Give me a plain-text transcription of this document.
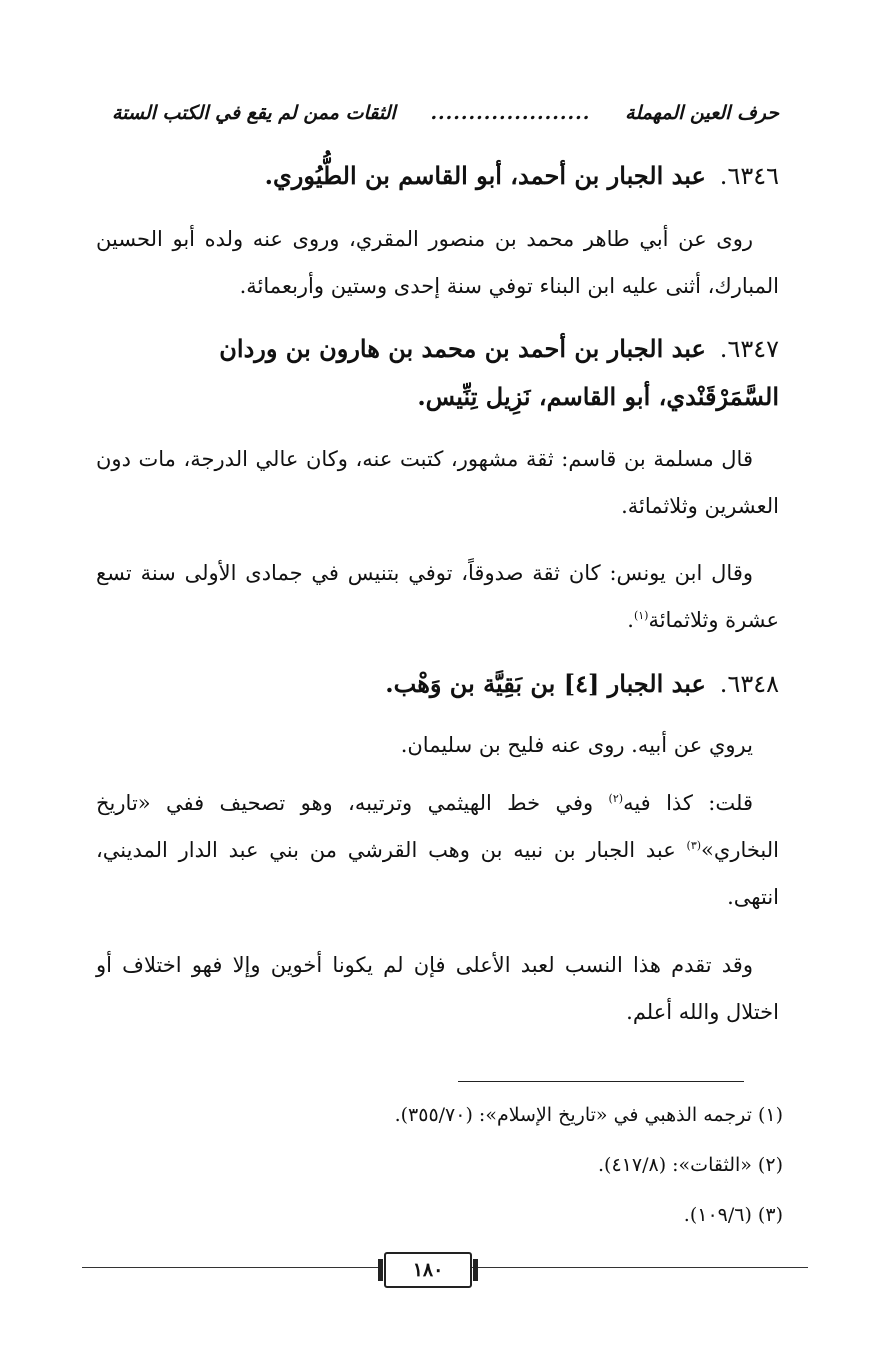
حرف العين المهملة
.....................
الثقات ممن لم يقع في الكتب الستة
٦٣٤٦.عبد الجبار بن أحمد، أبو القاسم بن الطُّيُوري.
روى عن أبي طاهر محمد بن منصور المقري، وروى عنه ولده أبو الحسين المبارك، أثنى عليه ابن البناء توفي سنة إحدى وستين وأربعمائة.
٦٣٤٧.عبد الجبار بن أحمد بن محمد بن هارون بن وردان السَّمَرْقَنْدي، أبو القاسم، نَزِيل تِنِّيس.
قال مسلمة بن قاسم: ثقة مشهور، كتبت عنه، وكان عالي الدرجة، مات دون العشرين وثلاثمائة.
وقال ابن يونس: كان ثقة صدوقاً، توفي بتنيس في جمادى الأولى سنة تسع عشرة وثلاثمائة$^{(١)}$.
٦٣٤٨.عبد الجبار [٤] بن بَقِيَّة بن وَهْب.
يروي عن أبيه. روى عنه فليح بن سليمان.
قلت: كذا فيه$^{(٢)}$ وفي خط الهيثمي وترتيبه، وهو تصحيف ففي «تاريخ البخاري»$^{(٣)}$ عبد الجبار بن نبيه بن وهب القرشي من بني عبد الدار المديني، انتهى.
وقد تقدم هذا النسب لعبد الأعلى فإن لم يكونا أخوين وإلا فهو اختلاف أو اختلال والله أعلم.
(١) ترجمه الذهبي في «تاريخ الإسلام»: (٣٥٥/٧٠).
(٢) «الثقات»: (٤١٧/٨).
(٣) (١٠٩/٦).
١٨٠
